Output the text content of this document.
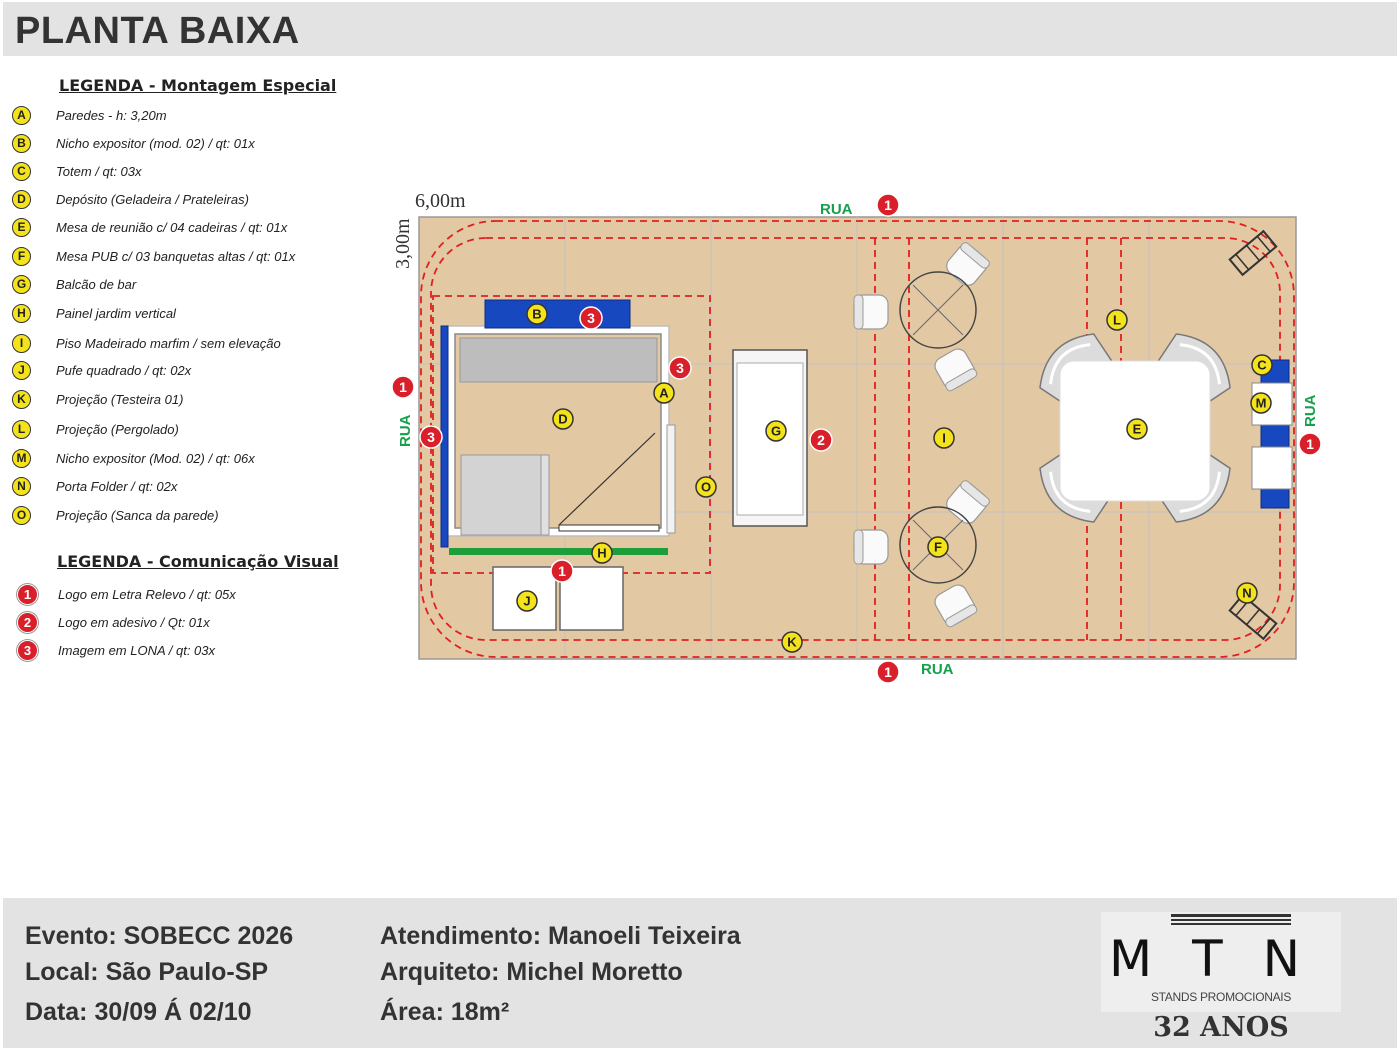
PLANTA BAIXA
LEGENDA - Montagem Especial
A	Paredes - h: 3,20m
B	Nicho expositor (mod. 02) / qt: 01x
C	Totem / qt: 03x
D	Depósito (Geladeira / Prateleiras)
E	Mesa de reunião c/ 04 cadeiras / qt: 01x
F	Mesa PUB c/ 03 banquetas altas / qt: 01x
G	Balcão de bar
H	Painel jardim vertical
I	Piso Madeirado marfim / sem elevação
J	Pufe quadrado / qt: 02x
K	Projeção (Testeira 01)
L	Projeção (Pergolado)
M	Nicho expositor (Mod. 02) / qt: 06x
N	Porta Folder / qt: 02x
O	Projeção (Sanca da parede)
LEGENDA - Comunicação Visual
1	Logo em Letra Relevo / qt: 05x
2	Logo em adesivo / Qt: 01x
3	Imagem em LONA / qt: 03x
6,00m
3,00m
RUA
RUA
RUA
RUA
A
B
C
D
E
F
G
H
I
J
K
L
M
N
O
1
1
1
1
1
2
3
3
3
Evento: SOBECC 2026
Local: São Paulo-SP
Data: 30/09 Á 02/10
Atendimento: Manoeli Teixeira
Arquiteto: Michel Moretto
Área: 18m²
MTN
STANDS PROMOCIONAIS
32 ANOS
